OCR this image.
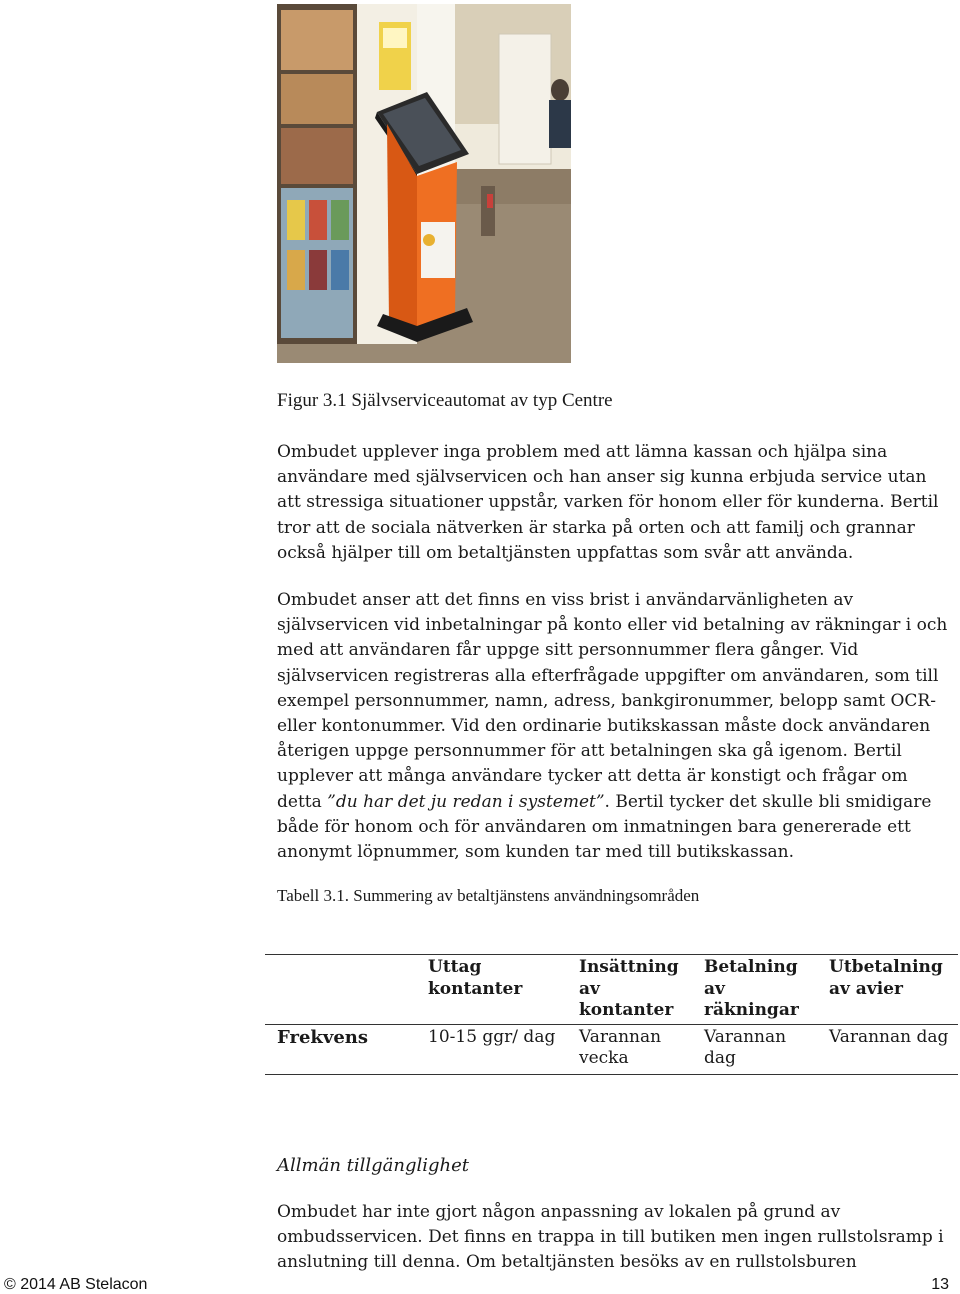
Figur 3.1 Självserviceautomat av typ Centre

Ombudet upplever inga problem med att lämna kassan och hjälpa sina användare med självservicen och han anser sig kunna erbjuda service utan att stressiga situationer uppstår, varken för honom eller för kunderna. Bertil tror att de sociala nätverken är starka på orten och att familj och grannar också hjälper till om betaltjänsten uppfattas som svår att använda.

Ombudet anser att det finns en viss brist i användarvänligheten av självservicen vid inbetalningar på konto eller vid betalning av räkningar i och med att användaren får uppge sitt personnummer flera gånger. Vid självservicen registreras alla efterfrågade uppgifter om användaren, som till exempel personnummer, namn, adress, bankgironummer, belopp samt OCR-eller kontonummer. Vid den ordinarie butikskassan måste dock användaren återigen uppge personnummer för att betalningen ska gå igenom. Bertil upplever att många användare tycker att detta är konstigt och frågar om detta ”du har det ju redan i systemet”. Bertil tycker det skulle bli smidigare både för honom och för användaren om inmatningen bara genererade ett anonymt löpnummer, som kunden tar med till butikskassan.

Tabell 3.1. Summering av betaltjänstens användningsområden
	Uttag kontanter	Insättning av kontanter	Betalning av räkningar	Utbetalning av avier
Frekvens	10-15 ggr/ dag	Varannan vecka	Varannan dag	Varannan dag
Allmän tillgänglighet

Ombudet har inte gjort någon anpassning av lokalen på grund av ombudsservicen. Det finns en trappa in till butiken men ingen rullstolsramp i anslutning till denna. Om betaltjänsten besöks av en rullstolsburen

© 2014 AB Stelacon	13
